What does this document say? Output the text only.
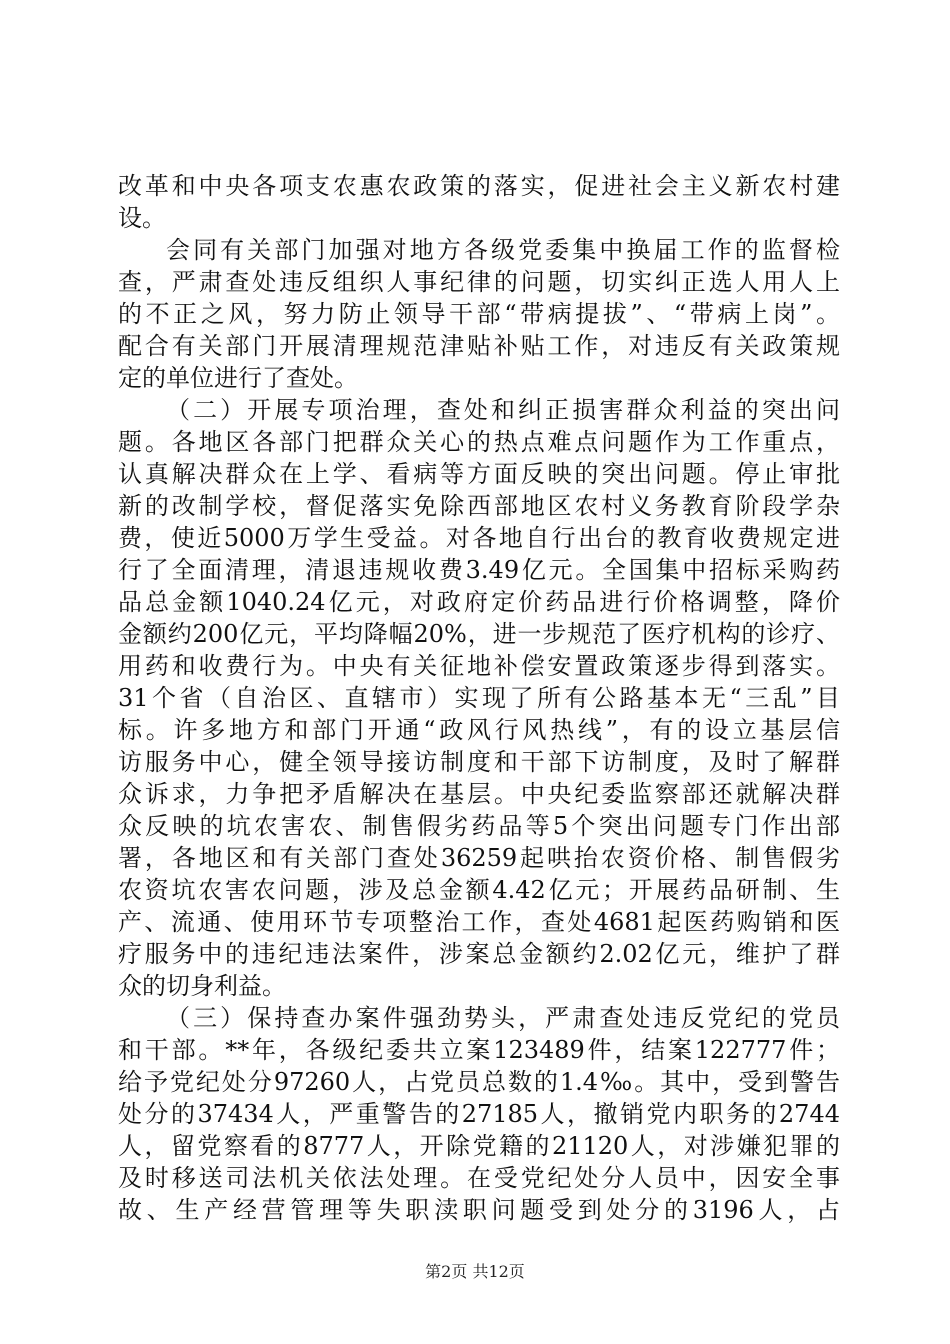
改革和中央各项支农惠农政策的落实，促进社会主义新农村建
设。
会同有关部门加强对地方各级党委集中换届工作的监督检
查，严肃查处违反组织人事纪律的问题，切实纠正选人用人上
的不正之风，努力防止领导干部“带病提拔”、“带病上岗”。
配合有关部门开展清理规范津贴补贴工作，对违反有关政策规
定的单位进行了查处。
（二）开展专项治理，查处和纠正损害群众利益的突出问
题。各地区各部门把群众关心的热点难点问题作为工作重点，
认真解决群众在上学、看病等方面反映的突出问题。停止审批
新的改制学校，督促落实免除西部地区农村义务教育阶段学杂
费，使近5000万学生受益。对各地自行出台的教育收费规定进
行了全面清理，清退违规收费3.49亿元。全国集中招标采购药
品总金额1040.24亿元，对政府定价药品进行价格调整，降价
金额约200亿元，平均降幅20%，进一步规范了医疗机构的诊疗、
用药和收费行为。中央有关征地补偿安置政策逐步得到落实。
31个省（自治区、直辖市）实现了所有公路基本无“三乱”目
标。许多地方和部门开通“政风行风热线”，有的设立基层信
访服务中心，健全领导接访制度和干部下访制度，及时了解群
众诉求，力争把矛盾解决在基层。中央纪委监察部还就解决群
众反映的坑农害农、制售假劣药品等5个突出问题专门作出部
署，各地区和有关部门查处36259起哄抬农资价格、制售假劣
农资坑农害农问题，涉及总金额4.42亿元；开展药品研制、生
产、流通、使用环节专项整治工作，查处4681起医药购销和医
疗服务中的违纪违法案件，涉案总金额约2.02亿元，维护了群
众的切身利益。
（三）保持查办案件强劲势头，严肃查处违反党纪的党员
和干部。**年，各级纪委共立案123489件，结案122777件；
给予党纪处分97260人，占党员总数的1.4‰。其中，受到警告
处分的37434人，严重警告的27185人，撤销党内职务的2744
人，留党察看的8777人，开除党籍的21120人，对涉嫌犯罪的
及时移送司法机关依法处理。在受党纪处分人员中，因安全事
故、生产经营管理等失职渎职问题受到处分的3196人，占
第2页 共12页
